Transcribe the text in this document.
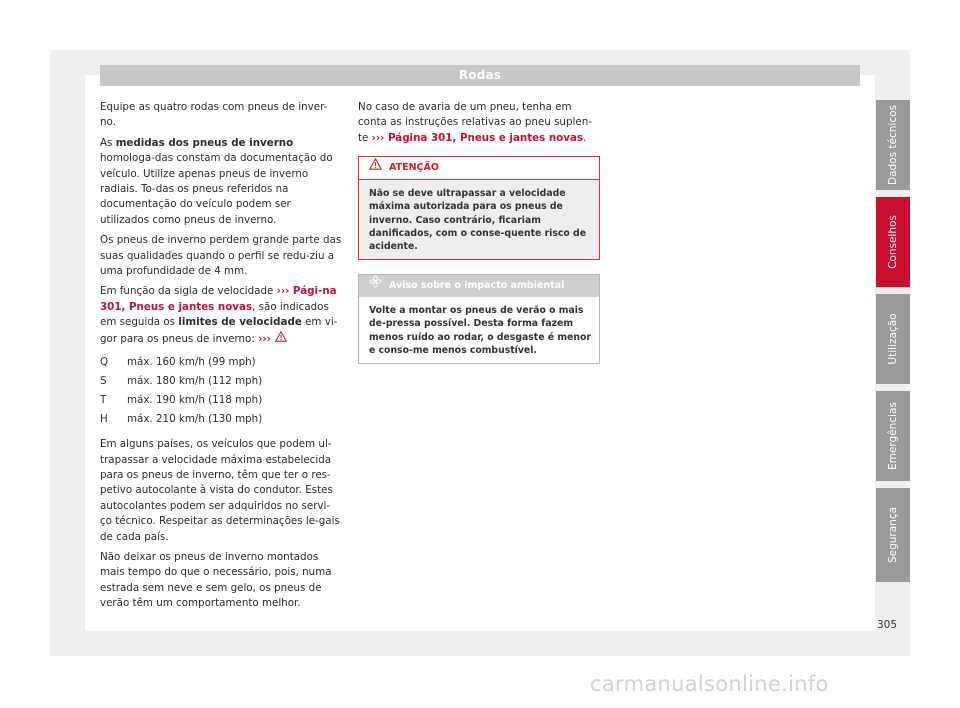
Rodas

Equipe as quatro rodas com pneus de inver-no.

As medidas dos pneus de inverno homologa-das constam da documentação do veículo. Utilize apenas pneus de inverno radiais. To-das os pneus referidos na documentação do veículo podem ser utilizados como pneus de inverno.

Os pneus de inverno perdem grande parte das suas qualidades quando o perfil se redu-ziu a uma profundidade de 4 mm.

Em função da sigla de velocidade ››› Pági-na 301, Pneus e jantes novas, são indicados em seguida os limites de velocidade em vi-gor para os pneus de inverno: ›››

Q	máx. 160 km/h (99 mph)
S	máx. 180 km/h (112 mph)
T	máx. 190 km/h (118 mph)
H	máx. 210 km/h (130 mph)

Em alguns países, os veículos que podem ul-trapassar a velocidade máxima estabelecida para os pneus de inverno, têm que ter o res-petivo autocolante à vista do condutor. Estes autocolantes podem ser adquiridos no servi-ço técnico. Respeitar as determinações le-gais de cada país.

Não deixar os pneus de inverno montados mais tempo do que o necessário, pois, numa estrada sem neve e sem gelo, os pneus de verão têm um comportamento melhor.

No caso de avaria de um pneu, tenha em conta as instruções relativas ao pneu suplen-te ››› Página 301, Pneus e jantes novas.

ATENÇÃO
Não se deve ultrapassar a velocidade máxima autorizada para os pneus de inverno. Caso contrário, ficariam danificados, com o conse-quente risco de acidente.
Aviso sobre o impacto ambiental
Volte a montar os pneus de verão o mais de-pressa possível. Desta forma fazem menos ruído ao rodar, o desgaste é menor e conso-me menos combustível.
Dados técnicos
Conselhos
Utilização
Emergências
Segurança
305
carmanualsonline.info
